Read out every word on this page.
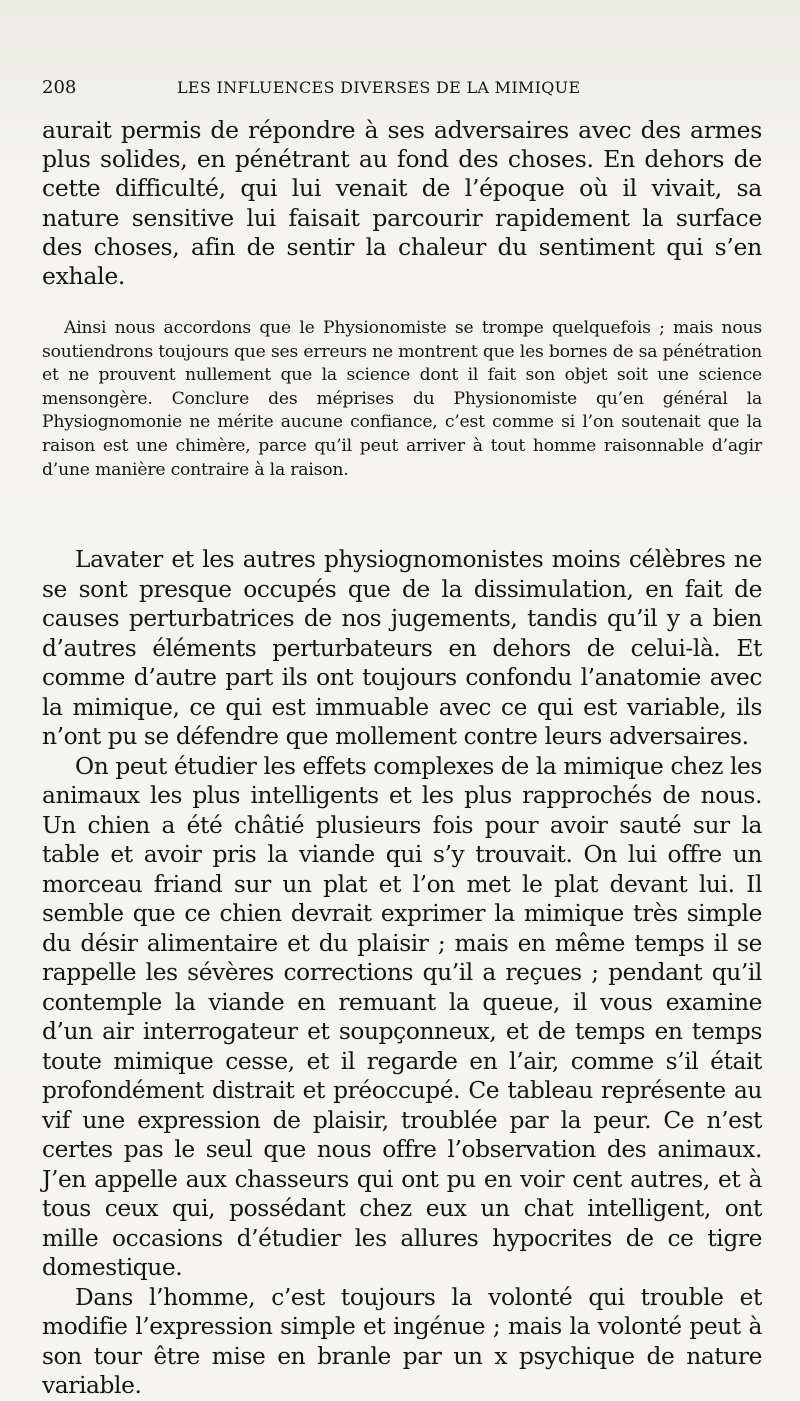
208	LES INFLUENCES DIVERSES DE LA MIMIQUE
aurait permis de répondre à ses adversaires avec des armes plus solides, en pénétrant au fond des choses. En dehors de cette difficulté, qui lui venait de l’époque où il vivait, sa nature sensitive lui faisait parcourir rapidement la surface des choses, afin de sentir la chaleur du sentiment qui s’en exhale.

Ainsi nous accordons que le Physionomiste se trompe quelquefois ; mais nous soutiendrons toujours que ses erreurs ne montrent que les bornes de sa pénétration et ne prouvent nullement que la science dont il fait son objet soit une science mensongère. Conclure des méprises du Physionomiste qu’en général la Physiognomonie ne mérite aucune confiance, c’est comme si l’on soutenait que la raison est une chimère, parce qu’il peut arriver à tout homme raisonnable d’agir d’une manière contraire à la raison.

Lavater et les autres physiognomonistes moins célèbres ne se sont presque occupés que de la dissimulation, en fait de causes perturbatrices de nos jugements, tandis qu’il y a bien d’autres éléments perturbateurs en dehors de celui-là. Et comme d’autre part ils ont toujours confondu l’anatomie avec la mimique, ce qui est immuable avec ce qui est variable, ils n’ont pu se défendre que mollement contre leurs adversaires.

On peut étudier les effets complexes de la mimique chez les animaux les plus intelligents et les plus rapprochés de nous. Un chien a été châtié plusieurs fois pour avoir sauté sur la table et avoir pris la viande qui s’y trouvait. On lui offre un morceau friand sur un plat et l’on met le plat devant lui. Il semble que ce chien devrait exprimer la mimique très simple du désir alimentaire et du plaisir ; mais en même temps il se rappelle les sévères corrections qu’il a reçues ; pendant qu’il contemple la viande en remuant la queue, il vous examine d’un air interrogateur et soupçonneux, et de temps en temps toute mimique cesse, et il regarde en l’air, comme s’il était profondément distrait et préoccupé. Ce tableau représente au vif une expression de plaisir, troublée par la peur. Ce n’est certes pas le seul que nous offre l’observation des animaux. J’en appelle aux chasseurs qui ont pu en voir cent autres, et à tous ceux qui, possédant chez eux un chat intelligent, ont mille occasions d’étudier les allures hypocrites de ce tigre domestique.

Dans l’homme, c’est toujours la volonté qui trouble et modifie l’expression simple et ingénue ; mais la volonté peut à son tour être mise en branle par un x psychique de nature variable.
